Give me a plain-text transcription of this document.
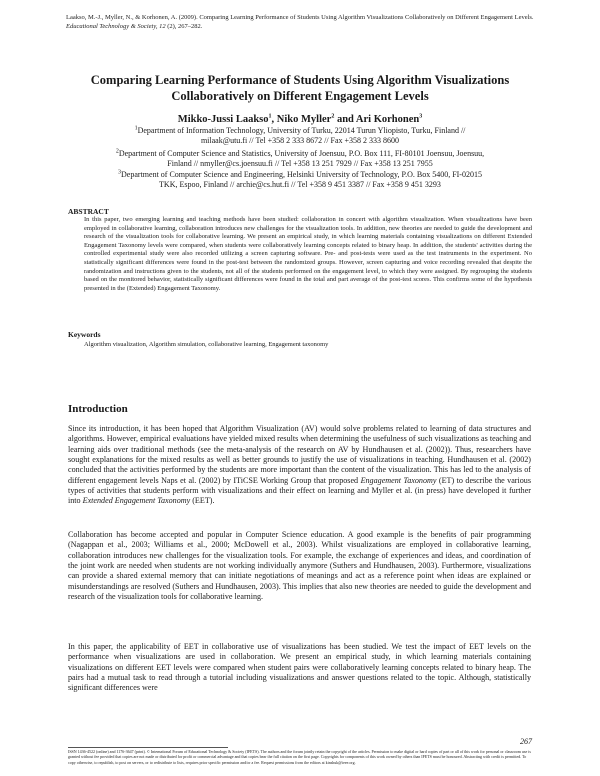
Laakso, M.-J., Myller, N., & Korhonen, A. (2009). Comparing Learning Performance of Students Using Algorithm Visualizations Collaboratively on Different Engagement Levels. Educational Technology & Society, 12 (2), 267–282.
Comparing Learning Performance of Students Using Algorithm Visualizations
Collaboratively on Different Engagement Levels
Mikko-Jussi Laakso$^1$, Niko Myller$^2$ and Ari Korhonen$^3$
$^1$Department of Information Technology, University of Turku, 22014 Turun Yliopisto, Turku, Finland //
milaak@utu.fi // Tel +358 2 333 8672 // Fax +358 2 333 8600
$^2$Department of Computer Science and Statistics, University of Joensuu, P.O. Box 111, FI-80101 Joensuu, Joensuu,
Finland // nmyller@cs.joensuu.fi // Tel +358 13 251 7929 // Fax +358 13 251 7955
$^3$Department of Computer Science and Engineering, Helsinki University of Technology, P.O. Box 5400, FI-02015
TKK, Espoo, Finland // archie@cs.hut.fi // Tel +358 9 451 3387 // Fax +358 9 451 3293
ABSTRACT
In this paper, two emerging learning and teaching methods have been studied: collaboration in concert with algorithm visualization. When visualizations have been employed in collaborative learning, collaboration introduces new challenges for the visualization tools. In addition, new theories are needed to guide the development and research of the visualization tools for collaborative learning. We present an empirical study, in which learning materials containing visualizations on different Extended Engagement Taxonomy levels were compared, when students were collaboratively learning concepts related to binary heap. In addition, the students' activities during the controlled experimental study were also recorded utilizing a screen capturing software. Pre- and post-tests were used as the test instruments in the experiment. No statistically significant differences were found in the post-test between the randomized groups. However, screen capturing and voice recording revealed that despite the randomization and instructions given to the students, not all of the students performed on the engagement level, to which they were assigned. By regrouping the students based on the monitored behavior, statistically significant differences were found in the total and part average of the post-test scores. This confirms some of the hypothesis presented in the (Extended) Engagement Taxonomy.
Keywords
Algorithm visualization, Algorithm simulation, collaborative learning, Engagement taxonomy
Introduction
Since its introduction, it has been hoped that Algorithm Visualization (AV) would solve problems related to learning of data structures and algorithms. However, empirical evaluations have yielded mixed results when determining the usefulness of such visualizations as teaching and learning aids over traditional methods (see the meta-analysis of the research on AV by Hundhausen et al. (2002)). Thus, researchers have sought explanations for the mixed results as well as better grounds to justify the use of visualizations in teaching. Hundhausen et al. (2002) concluded that the activities performed by the students are more important than the content of the visualization. This has led to the analysis of different engagement levels Naps et al. (2002) by ITiCSE Working Group that proposed Engagement Taxonomy (ET) to describe the various types of activities that students perform with visualizations and their effect on learning and Myller et al. (in press) have developed it further into Extended Engagement Taxonomy (EET).
Collaboration has become accepted and popular in Computer Science education. A good example is the benefits of pair programming (Nagappan et al., 2003; Williams et al., 2000; McDowell et al., 2003). Whilst visualizations are employed in collaborative learning, collaboration introduces new challenges for the visualization tools. For example, the exchange of experiences and ideas, and coordination of the joint work are needed when students are not working individually anymore (Suthers and Hundhausen, 2003). Furthermore, visualizations can provide a shared external memory that can initiate negotiations of meanings and act as a reference point when ideas are explained or misunderstandings are resolved (Suthers and Hundhausen, 2003). This implies that also new theories are needed to guide the development and research of the visualization tools for collaborative learning.
In this paper, the applicability of EET in collaborative use of visualizations has been studied. We test the impact of EET levels on the performance when visualizations are used in collaboration. We present an empirical study, in which learning materials containing visualizations on different EET levels were compared when student pairs were collaboratively learning concepts related to binary heap. The pairs had a mutual task to read through a tutorial including visualizations and answer questions related to the topic. Although, statistically significant differences were
267
ISSN 1436-4522 (online) and 1176-3647 (print). © International Forum of Educational Technology & Society (IFETS). The authors and the forum jointly retain the copyright of the articles. Permission to make digital or hard copies of part or all of this work for personal or classroom use is granted without fee provided that copies are not made or distributed for profit or commercial advantage and that copies bear the full citation on the first page. Copyrights for components of this work owned by others than IFETS must be honoured. Abstracting with credit is permitted. To copy otherwise, to republish, to post on servers, or to redistribute to lists, requires prior specific permission and/or a fee. Request permissions from the editors at kinshuk@ieee.org.
